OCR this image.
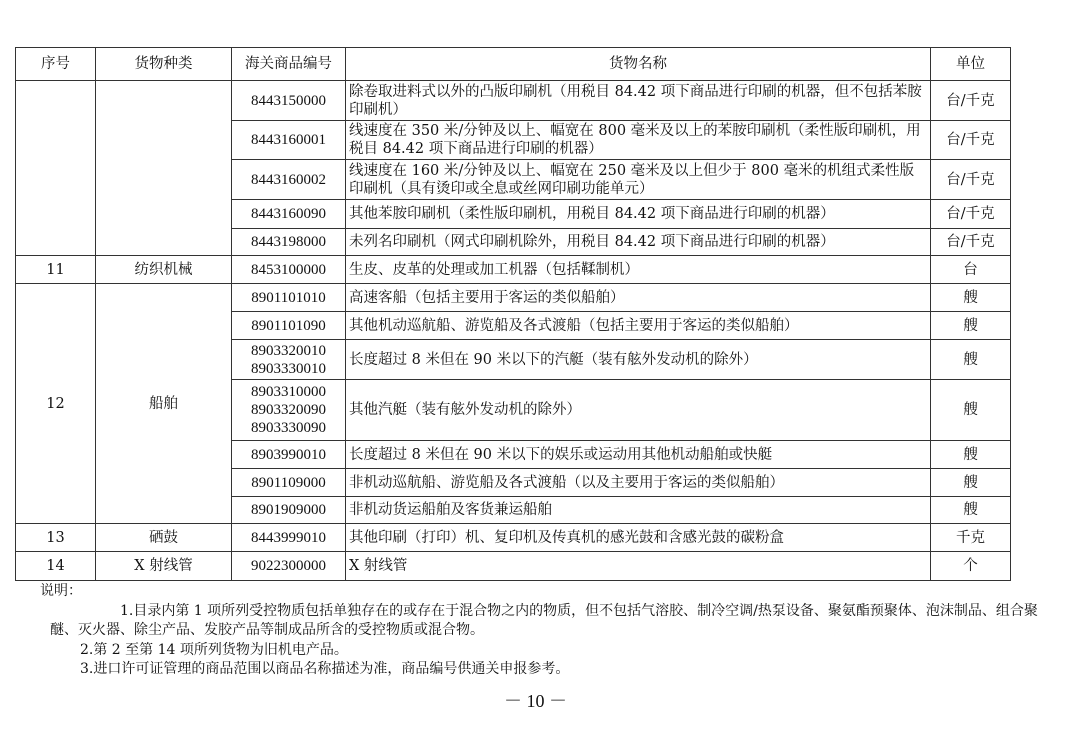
序号	货物种类	海关商品编号	货物名称	单位

		8443150000	除卷取进料式以外的凸版印刷机（用税目 84.42 项下商品进行印刷的机器，但不包括苯胺印刷机）	台/千克

		8443160001	线速度在 350 米/分钟及以上、幅宽在 800 毫米及以上的苯胺印刷机（柔性版印刷机，用税目 84.42 项下商品进行印刷的机器）	台/千克

		8443160002	线速度在 160 米/分钟及以上、幅宽在 250 毫米及以上但少于 800 毫米的机组式柔性版印刷机（具有烫印或全息或丝网印刷功能单元）	台/千克

		8443160090	其他苯胺印刷机（柔性版印刷机，用税目 84.42 项下商品进行印刷的机器）	台/千克

		8443198000	未列名印刷机（网式印刷机除外，用税目 84.42 项下商品进行印刷的机器）	台/千克
11	纺织机械	8453100000	生皮、皮革的处理或加工机器（包括鞣制机）	台
12	船舶	8901101010	高速客船（包括主要用于客运的类似船舶）	艘

		8901101090	其他机动巡航船、游览船及各式渡船（包括主要用于客运的类似船舶）	艘

		8903320010
8903330010	长度超过 8 米但在 90 米以下的汽艇（装有舷外发动机的除外）	艘

		8903310000
8903320090
8903330090	其他汽艇（装有舷外发动机的除外）	艘

		8903990010	长度超过 8 米但在 90 米以下的娱乐或运动用其他机动船舶或快艇	艘

		8901109000	非机动巡航船、游览船及各式渡船（以及主要用于客运的类似船舶）	艘

		8901909000	非机动货运船舶及客货兼运船舶	艘
13	硒鼓	8443999010	其他印刷（打印）机、复印机及传真机的感光鼓和含感光鼓的碳粉盒	千克
14	X 射线管	9022300000	X 射线管	个
说明：
1.目录内第 1 项所列受控物质包括单独存在的或存在于混合物之内的物质，但不包括气溶胶、制冷空调/热泵设备、聚氨酯预聚体、泡沫制品、组合聚醚、灭火器、除尘产品、发胶产品等制成品所含的受控物质或混合物。
2.第 2 至第 14 项所列货物为旧机电产品。
3.进口许可证管理的商品范围以商品名称描述为准，商品编号供通关申报参考。
－ 10 －
